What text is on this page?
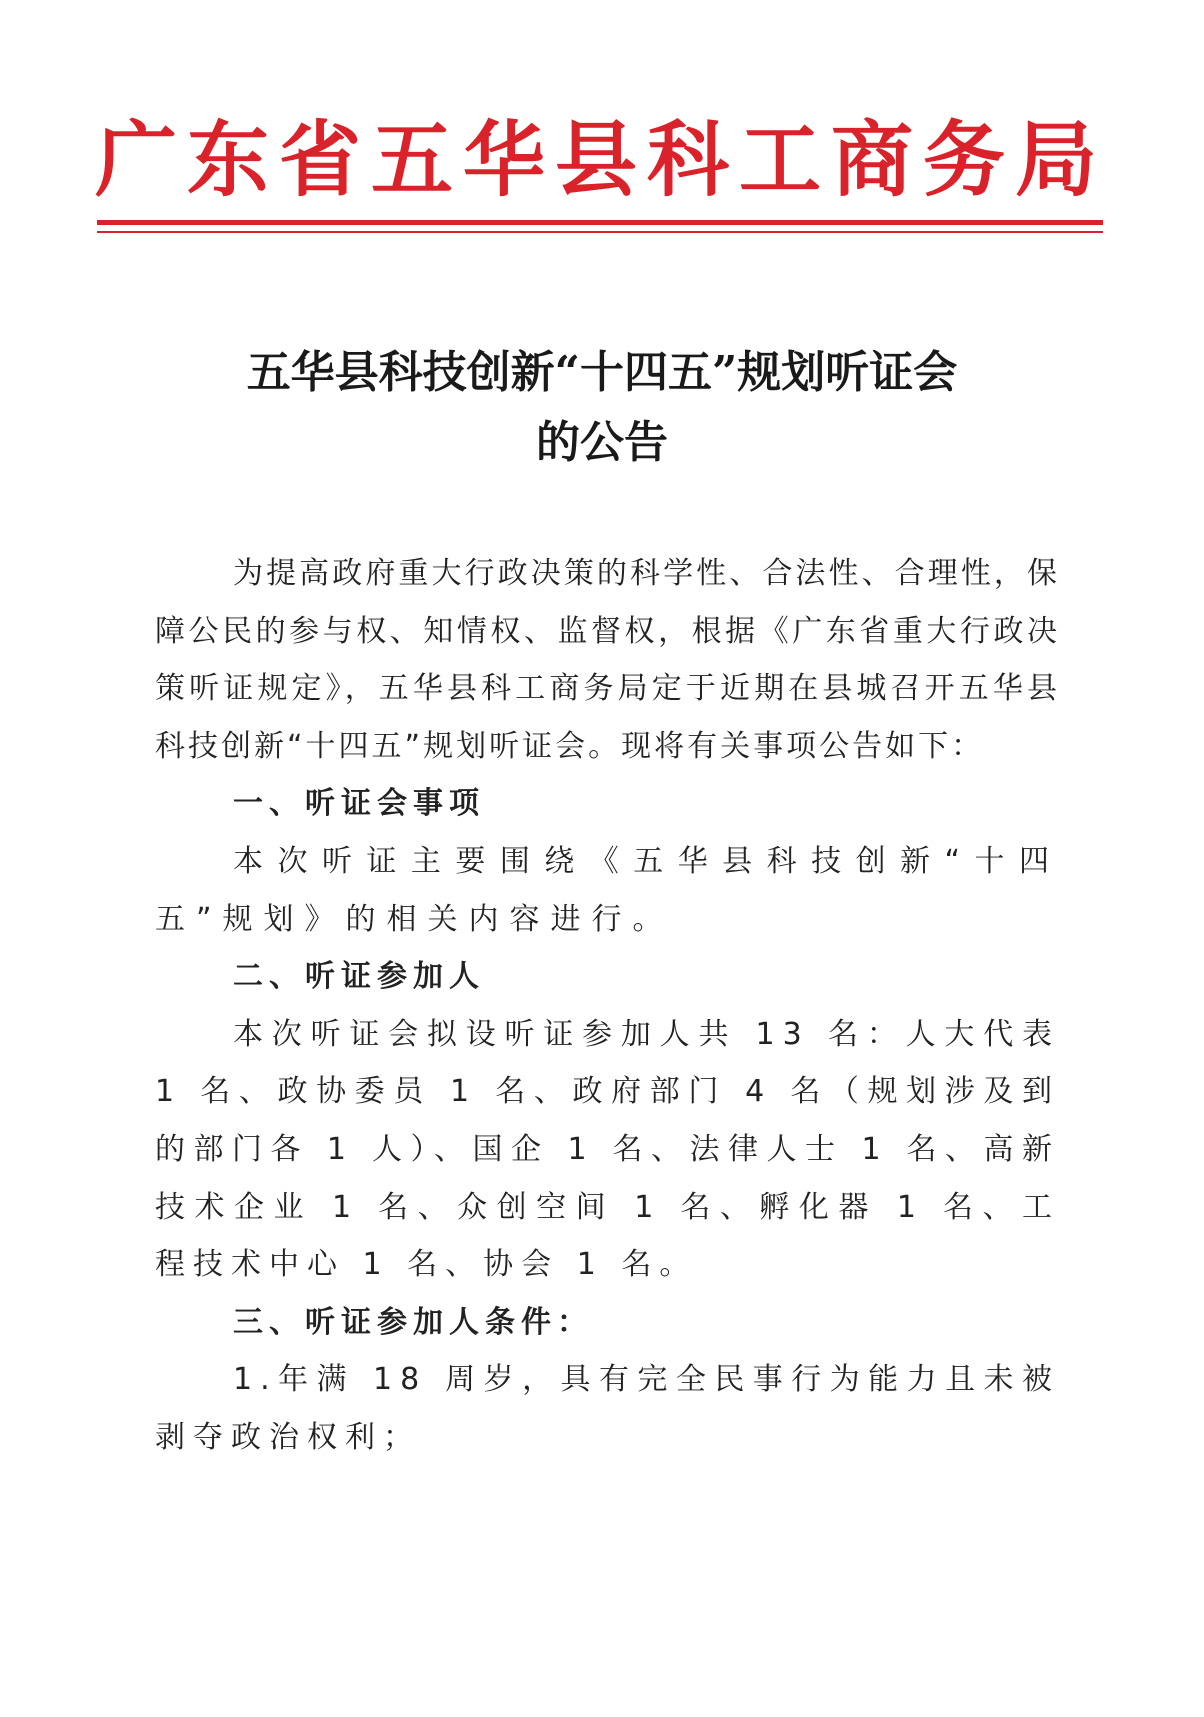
广东省五华县科工商务局
五华县科技创新“十四五”规划听证会
的公告

为提高政府重大行政决策的科学性、合法性、合理性，保障公民的参与权、知情权、监督权，根据《广东省重大行政决策听证规定》，五华县科工商务局定于近期在县城召开五华县科技创新“十四五”规划听证会。现将有关事项公告如下：

一、听证会事项

本次听证主要围绕《五华县科技创新“十四五”规划》的相关内容进行。

二、听证参加人

本次听证会拟设听证参加人共 13 名：人大代表 1 名、政协委员 1 名、政府部门 4 名（规划涉及到的部门各 1 人）、国企 1 名、法律人士 1 名、高新技术企业 1 名、众创空间 1 名、孵化器 1 名、工程技术中心 1 名、协会 1 名。

三、听证参加人条件：

1.年满 18 周岁，具有完全民事行为能力且未被剥夺政治权利；
